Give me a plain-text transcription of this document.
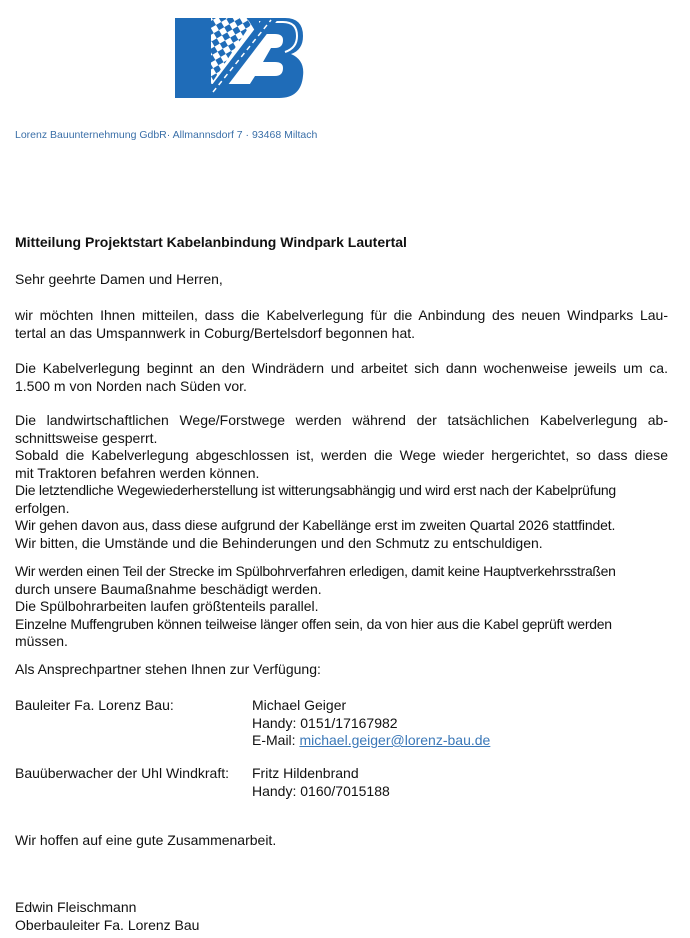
Lorenz Bauunternehmung GdbR· Allmannsdorf 7 · 93468 Miltach
Mitteilung Projektstart Kabelanbindung Windpark Lautertal
Sehr geehrte Damen und Herren,
wir möchten Ihnen mitteilen, dass die Kabelverlegung für die Anbindung des neuen Windparks Lau-
tertal an das Umspannwerk in Coburg/Bertelsdorf begonnen hat.
Die Kabelverlegung beginnt an den Windrädern und arbeitet sich dann wochenweise jeweils um ca.
1.500 m von Norden nach Süden vor.
Die landwirtschaftlichen Wege/Forstwege werden während der tatsächlichen Kabelverlegung ab-
schnittsweise gesperrt.
Sobald die Kabelverlegung abgeschlossen ist, werden die Wege wieder hergerichtet, so dass diese
mit Traktoren befahren werden können.
Die letztendliche Wegewiederherstellung ist witterungsabhängig und wird erst nach der Kabelprüfung
erfolgen.
Wir gehen davon aus, dass diese aufgrund der Kabellänge erst im zweiten Quartal 2026 stattfindet.
Wir bitten, die Umstände und die Behinderungen und den Schmutz zu entschuldigen.
Wir werden einen Teil der Strecke im Spülbohrverfahren erledigen, damit keine Hauptverkehrsstraßen
durch unsere Baumaßnahme beschädigt werden.
Die Spülbohrarbeiten laufen größtenteils parallel.
Einzelne Muffengruben können teilweise länger offen sein, da von hier aus die Kabel geprüft werden
müssen.
Als Ansprechpartner stehen Ihnen zur Verfügung:
Bauleiter Fa. Lorenz Bau:	Michael Geiger
Handy: 0151/17167982
E-Mail: michael.geiger@lorenz-bau.de
Bauüberwacher der Uhl Windkraft: Fritz Hildenbrand
Handy: 0160/7015188
Wir hoffen auf eine gute Zusammenarbeit.
Edwin Fleischmann
Oberbauleiter Fa. Lorenz Bau
